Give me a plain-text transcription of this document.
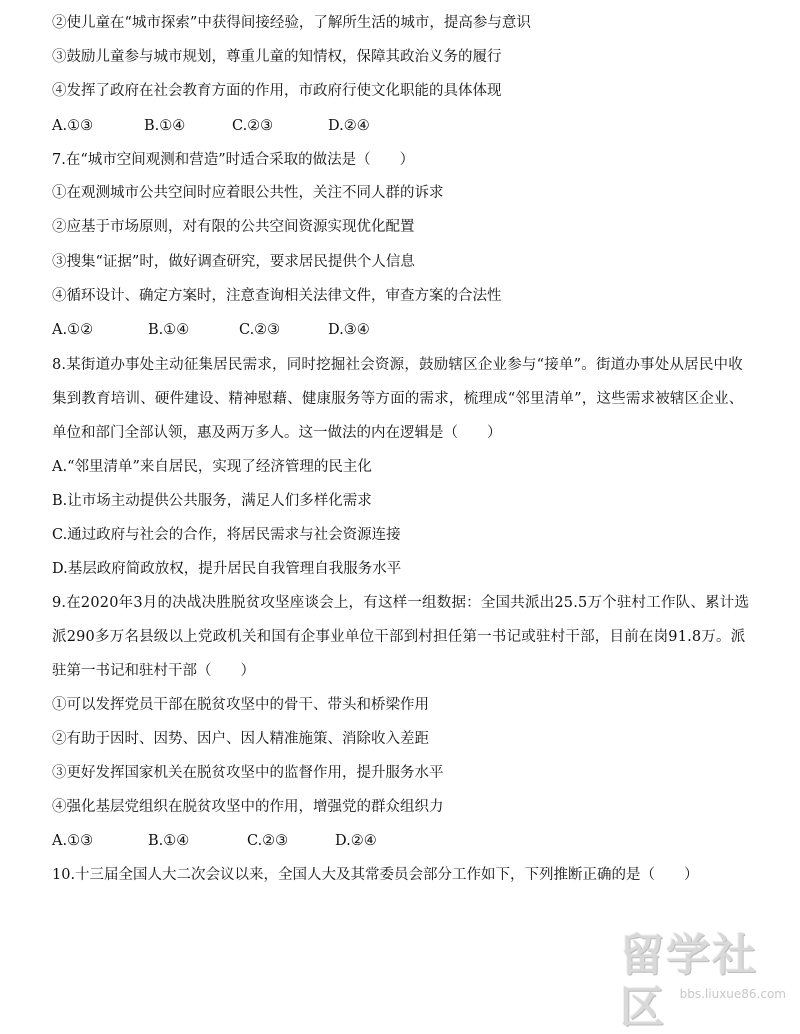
②使儿童在“城市探索”中获得间接经验，了解所生活的城市，提高参与意识
③鼓励儿童参与城市规划，尊重儿童的知情权，保障其政治义务的履行
④发挥了政府在社会教育方面的作用，市政府行使文化职能的具体体现
A.①③	B.①④	C.②③	D.②④
7.在“城市空间观测和营造”时适合采取的做法是（　　）
①在观测城市公共空间时应着眼公共性，关注不同人群的诉求
②应基于市场原则，对有限的公共空间资源实现优化配置
③搜集“证据”时，做好调查研究，要求居民提供个人信息
④循环设计、确定方案时，注意查询相关法律文件，审查方案的合法性
A.①②	B.①④	C.②③	D.③④
8.某街道办事处主动征集居民需求，同时挖掘社会资源，鼓励辖区企业参与“接单”。街道办事处从居民中收
集到教育培训、硬件建设、精神慰藉、健康服务等方面的需求，梳理成“邻里清单”，这些需求被辖区企业、
单位和部门全部认领，惠及两万多人。这一做法的内在逻辑是（　　）
A.“邻里清单”来自居民，实现了经济管理的民主化
B.让市场主动提供公共服务，满足人们多样化需求
C.通过政府与社会的合作，将居民需求与社会资源连接
D.基层政府简政放权，提升居民自我管理自我服务水平
9.在2020年3月的决战决胜脱贫攻坚座谈会上，有这样一组数据：全国共派出25.5万个驻村工作队、累计选
派290多万名县级以上党政机关和国有企事业单位干部到村担任第一书记或驻村干部，目前在岗91.8万。派
驻第一书记和驻村干部（　　）
①可以发挥党员干部在脱贫攻坚中的骨干、带头和桥梁作用
②有助于因时、因势、因户、因人精准施策、消除收入差距
③更好发挥国家机关在脱贫攻坚中的监督作用，提升服务水平
④强化基层党组织在脱贫攻坚中的作用，增强党的群众组织力
A.①③	B.①④	C.②③	D.②④
10.十三届全国人大二次会议以来，全国人大及其常委员会部分工作如下，下列推断正确的是（　　）
留学社区	bbs.liuxue86.com
